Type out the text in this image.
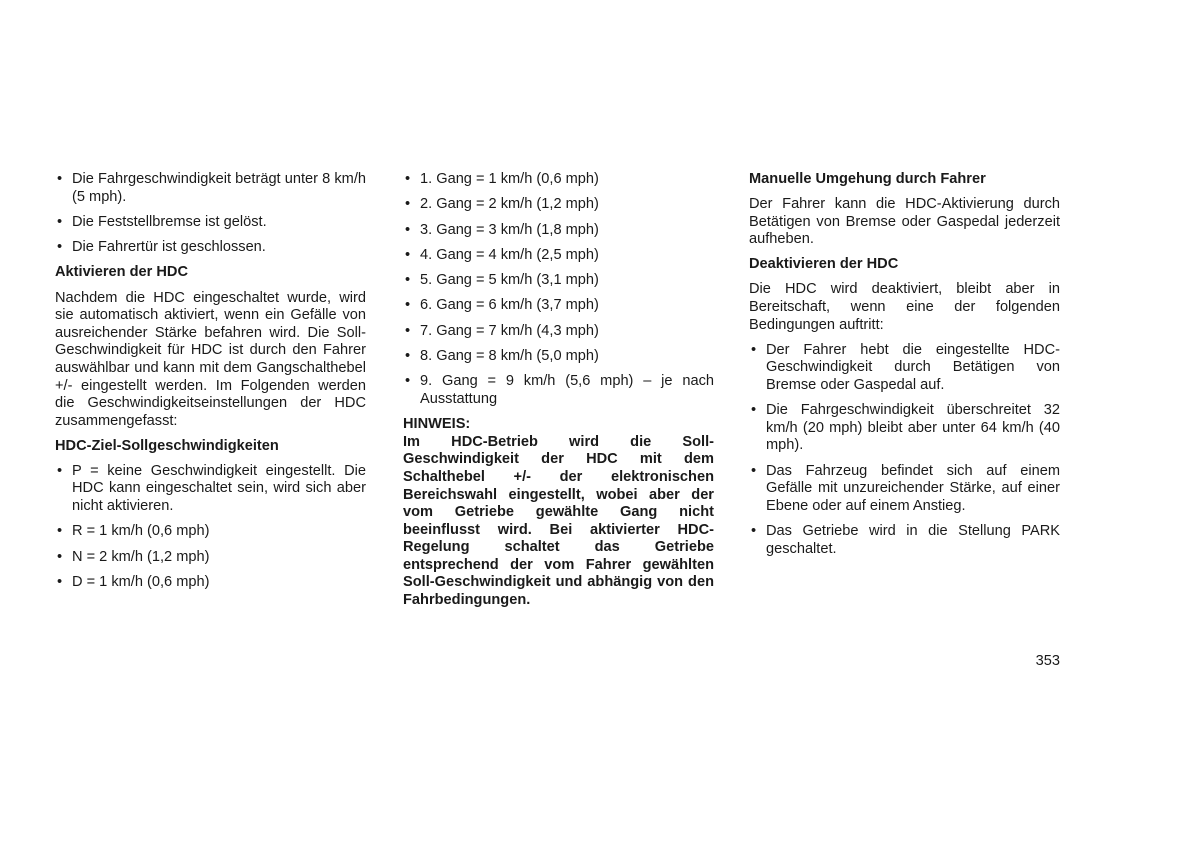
• Die Fahrgeschwindigkeit beträgt unter 8 km/h (5 mph).
• Die Feststellbremse ist gelöst.
• Die Fahrertür ist geschlossen.
Aktivieren der HDC
Nachdem die HDC eingeschaltet wurde, wird sie automatisch aktiviert, wenn ein Gefälle von ausreichender Stärke befahren wird. Die Soll-Geschwindigkeit für HDC ist durch den Fahrer auswählbar und kann mit dem Gangschalthebel +/- eingestellt werden. Im Folgenden werden die Geschwindigkeitseinstellungen der HDC zusammengefasst:
HDC-Ziel-Sollgeschwindigkeiten
• P = keine Geschwindigkeit eingestellt. Die HDC kann eingeschaltet sein, wird sich aber nicht aktivieren.
• R = 1 km/h (0,6 mph)
• N = 2 km/h (1,2 mph)
• D = 1 km/h (0,6 mph)
• 1. Gang = 1 km/h (0,6 mph)
• 2. Gang = 2 km/h (1,2 mph)
• 3. Gang = 3 km/h (1,8 mph)
• 4. Gang = 4 km/h (2,5 mph)
• 5. Gang = 5 km/h (3,1 mph)
• 6. Gang = 6 km/h (3,7 mph)
• 7. Gang = 7 km/h (4,3 mph)
• 8. Gang = 8 km/h (5,0 mph)
• 9. Gang = 9 km/h (5,6 mph) – je nach Ausstattung
HINWEIS:
Im HDC-Betrieb wird die Soll-Geschwindigkeit der HDC mit dem Schalthebel +/- der elektronischen Bereichswahl eingestellt, wobei aber der vom Getriebe gewählte Gang nicht beeinflusst wird. Bei aktivierter HDC-Regelung schaltet das Getriebe entsprechend der vom Fahrer gewählten Soll-Geschwindigkeit und abhängig von den Fahrbedingungen.
Manuelle Umgehung durch Fahrer
Der Fahrer kann die HDC-Aktivierung durch Betätigen von Bremse oder Gaspedal jederzeit aufheben.
Deaktivieren der HDC
Die HDC wird deaktiviert, bleibt aber in Bereitschaft, wenn eine der folgenden Bedingungen auftritt:
• Der Fahrer hebt die eingestellte HDC-Geschwindigkeit durch Betätigen von Bremse oder Gaspedal auf.
• Die Fahrgeschwindigkeit überschreitet 32 km/h (20 mph) bleibt aber unter 64 km/h (40 mph).
• Das Fahrzeug befindet sich auf einem Gefälle mit unzureichender Stärke, auf einer Ebene oder auf einem Anstieg.
• Das Getriebe wird in die Stellung PARK geschaltet.
353
